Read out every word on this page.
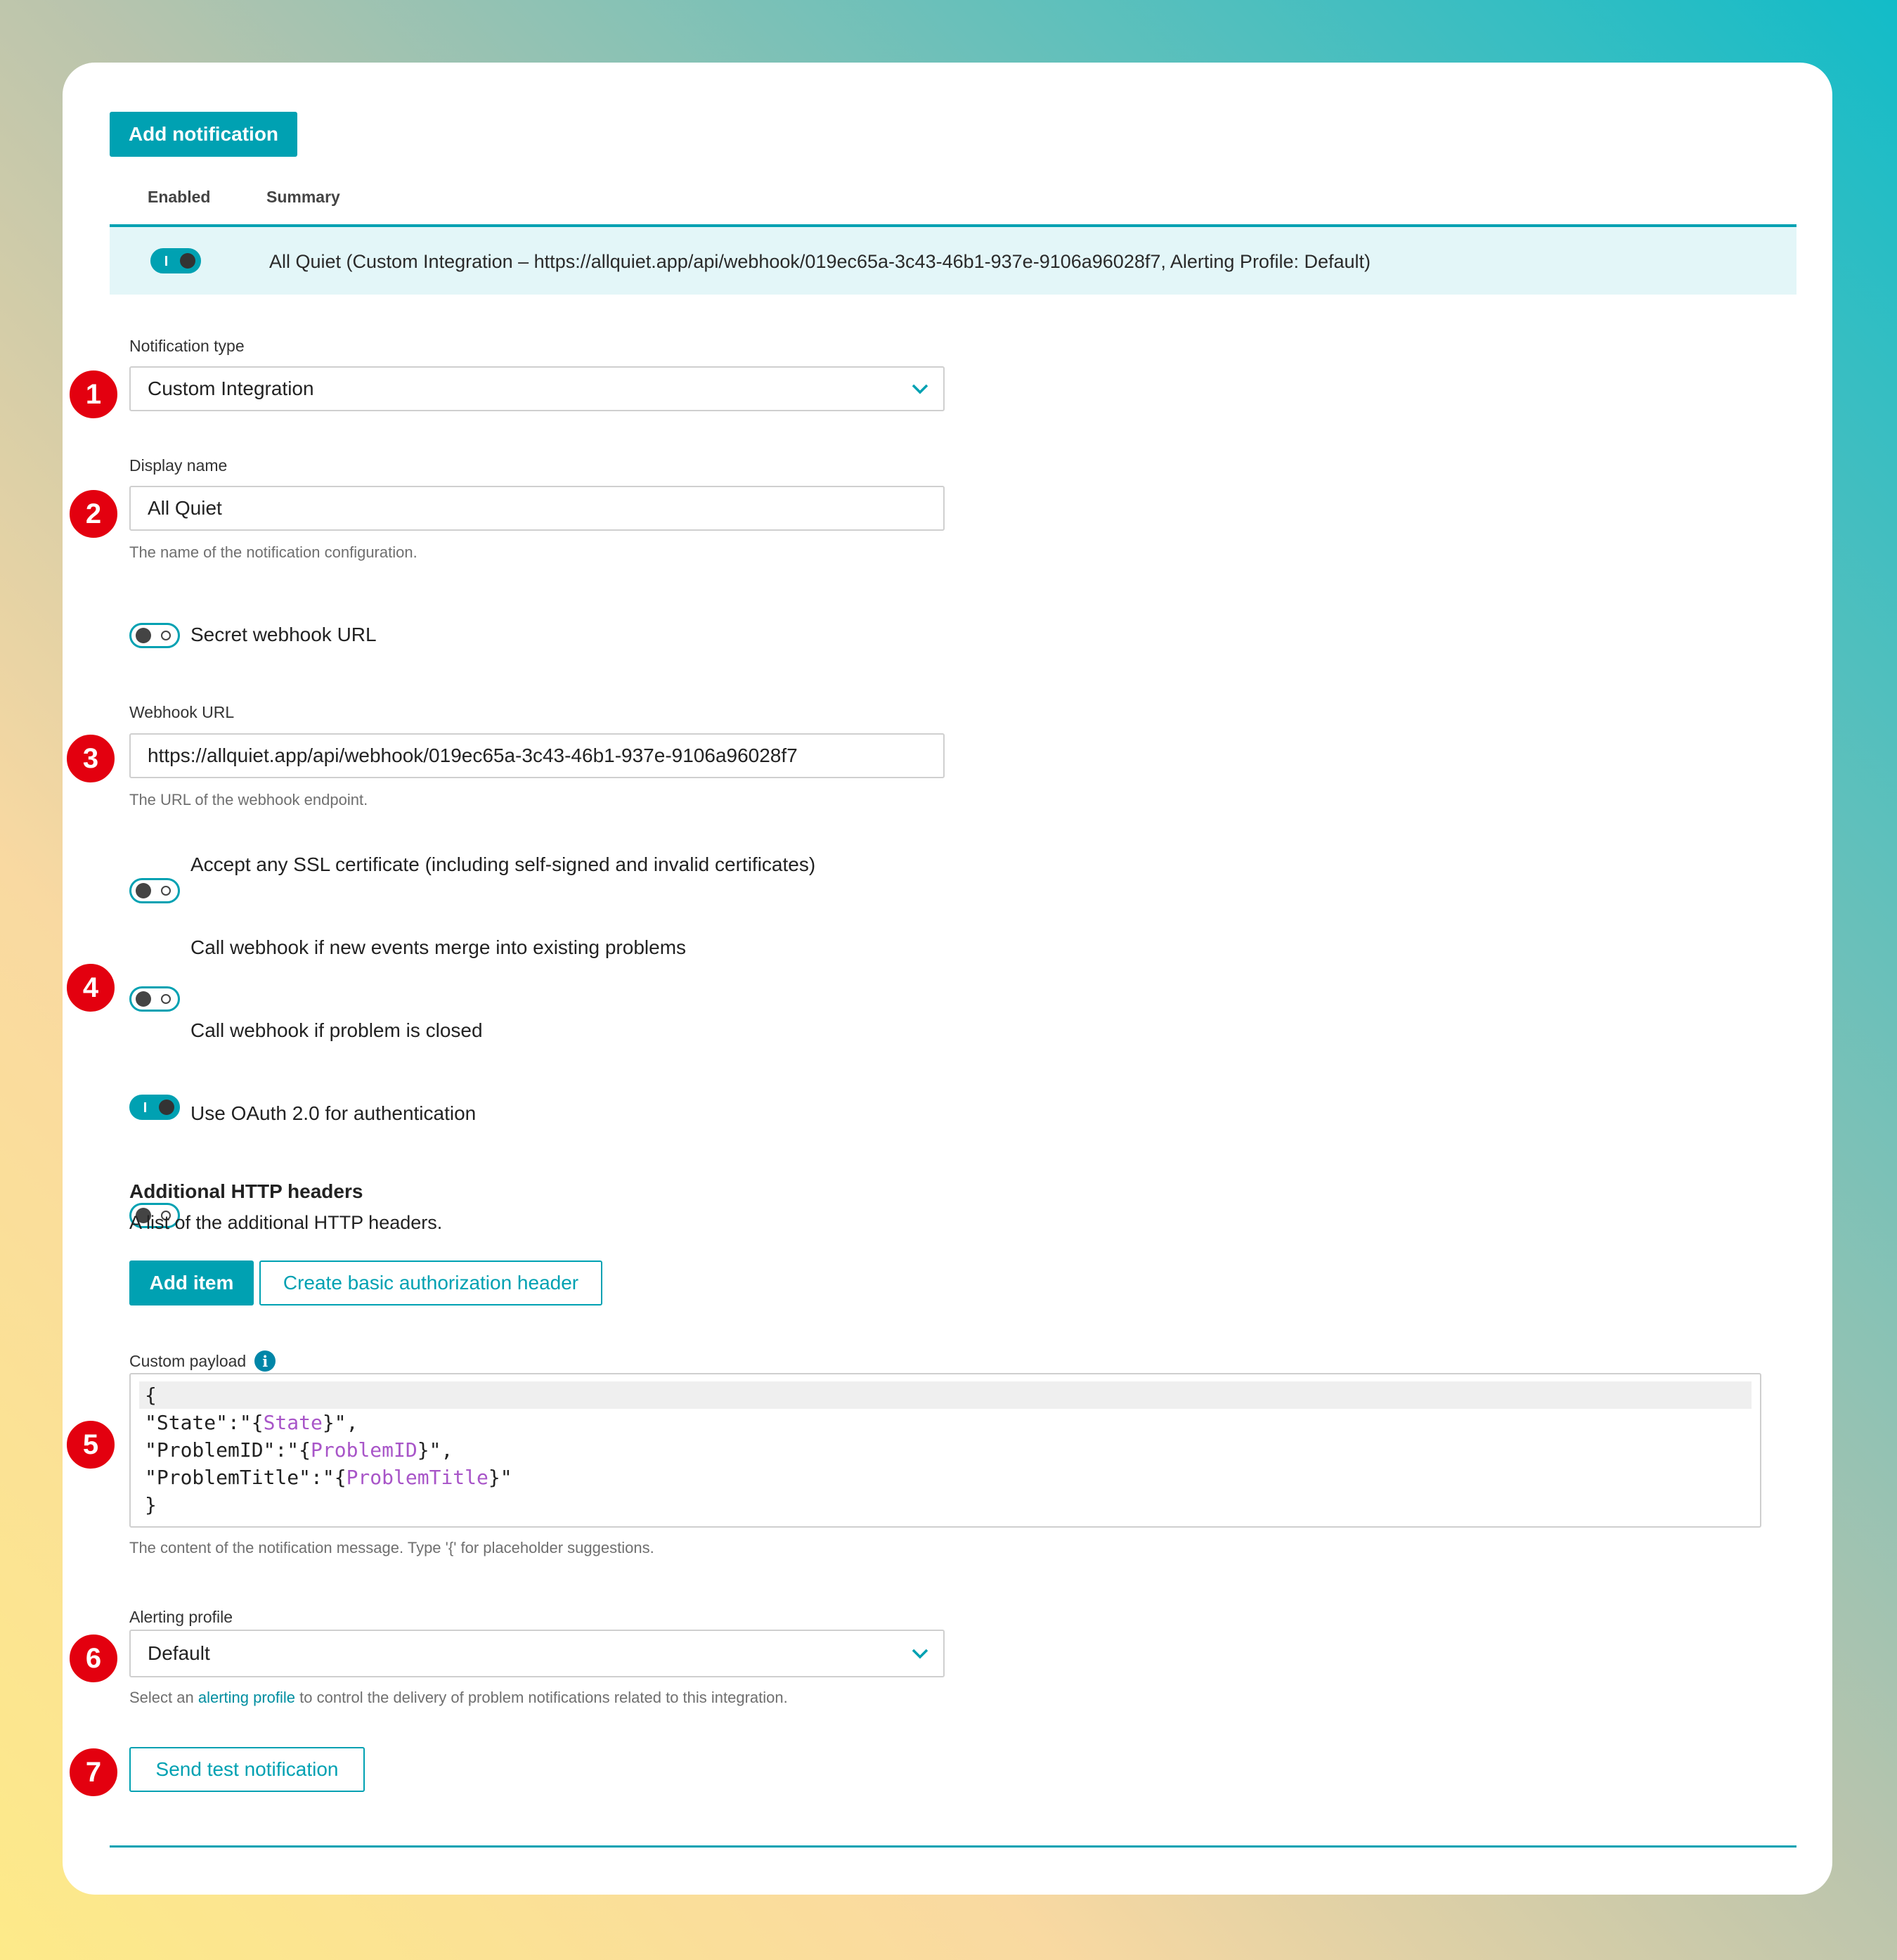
Add notification
Enabled	Summary
All Quiet (Custom Integration – https://allquiet.app/api/webhook/019ec65a-3c43-46b1-937e-9106a96028f7, Alerting Profile: Default)
Notification type
Custom Integration
Display name
All Quiet
The name of the notification configuration.
Secret webhook URL
Webhook URL
https://allquiet.app/api/webhook/019ec65a-3c43-46b1-937e-9106a96028f7
The URL of the webhook endpoint.
Accept any SSL certificate (including self-signed and invalid certificates)
Call webhook if new events merge into existing problems
Call webhook if problem is closed
Use OAuth 2.0 for authentication
Additional HTTP headers
A list of the additional HTTP headers.
Add item	Create basic authorization header
Custom payload	i
{
"State":"{State}",
"ProblemID":"{ProblemID}",
"ProblemTitle":"{ProblemTitle}"
}
The content of the notification message. Type '{' for placeholder suggestions.
Alerting profile
Default
Select an alerting profile to control the delivery of problem notifications related to this integration.
Send test notification
1
2
3
4
5
6
7
